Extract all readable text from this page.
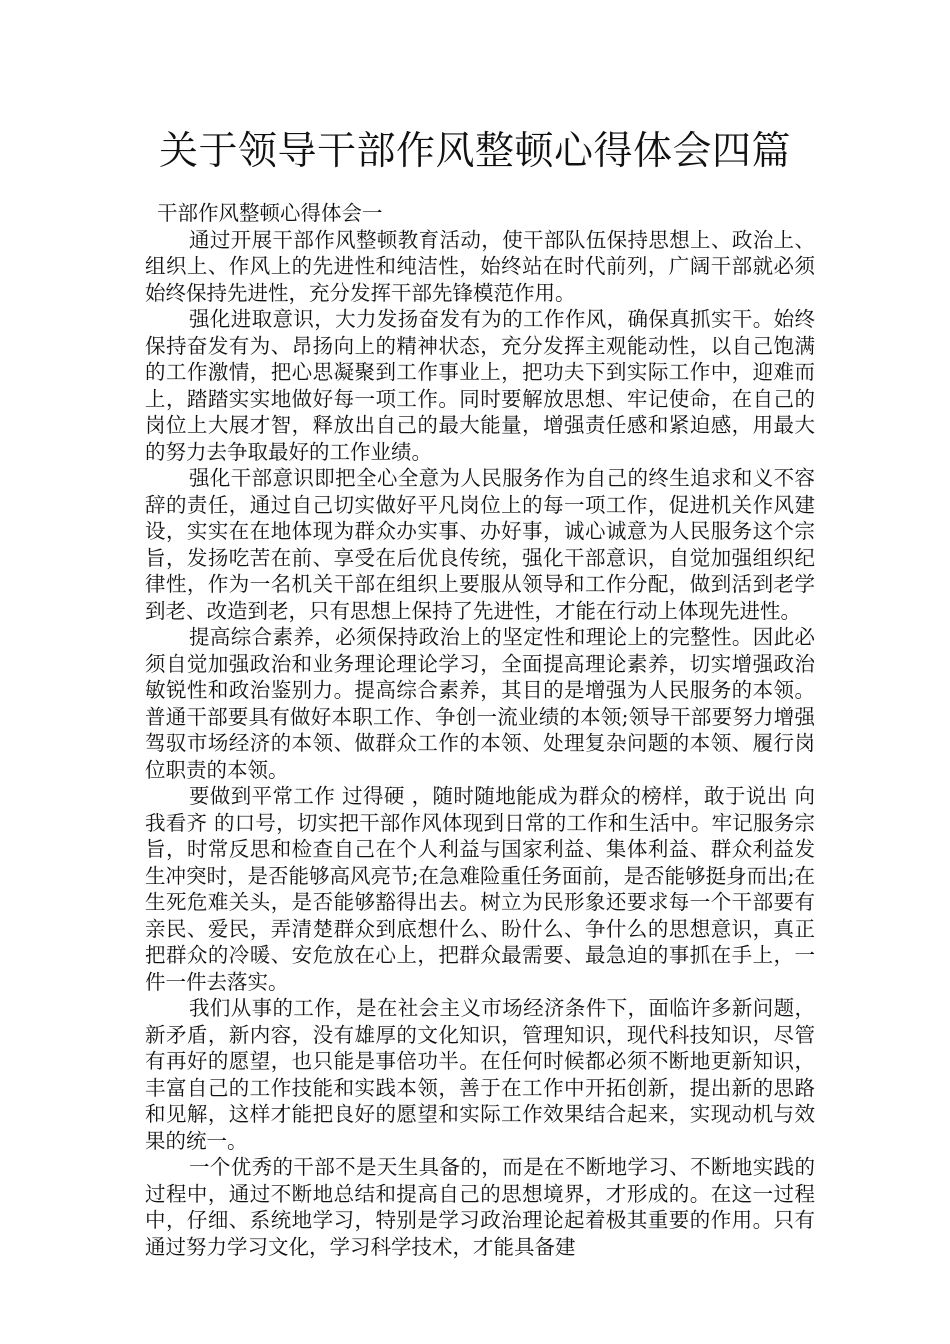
关于领导干部作风整顿心得体会四篇
干部作风整顿心得体会一

通过开展干部作风整顿教育活动，使干部队伍保持思想上、政治上、组织上、作风上的先进性和纯洁性，始终站在时代前列，广阔干部就必须始终保持先进性，充分发挥干部先锋模范作用。

强化进取意识，大力发扬奋发有为的工作作风，确保真抓实干。始终保持奋发有为、昂扬向上的精神状态，充分发挥主观能动性，以自己饱满的工作激情，把心思凝聚到工作事业上，把功夫下到实际工作中，迎难而上，踏踏实实地做好每一项工作。同时要解放思想、牢记使命，在自己的岗位上大展才智，释放出自己的最大能量，增强责任感和紧迫感，用最大的努力去争取最好的工作业绩。

强化干部意识即把全心全意为人民服务作为自己的终生追求和义不容辞的责任，通过自己切实做好平凡岗位上的每一项工作，促进机关作风建设，实实在在地体现为群众办实事、办好事，诚心诚意为人民服务这个宗旨，发扬吃苦在前、享受在后优良传统，强化干部意识，自觉加强组织纪律性，作为一名机关干部在组织上要服从领导和工作分配，做到活到老学到老、改造到老，只有思想上保持了先进性，才能在行动上体现先进性。

提高综合素养，必须保持政治上的坚定性和理论上的完整性。因此必须自觉加强政治和业务理论理论学习，全面提高理论素养，切实增强政治敏锐性和政治鉴别力。提高综合素养，其目的是增强为人民服务的本领。普通干部要具有做好本职工作、争创一流业绩的本领;领导干部要努力增强驾驭市场经济的本领、做群众工作的本领、处理复杂问题的本领、履行岗位职责的本领。

要做到平常工作 过得硬 ，随时随地能成为群众的榜样，敢于说出 向我看齐 的口号，切实把干部作风体现到日常的工作和生活中。牢记服务宗旨，时常反思和检查自己在个人利益与国家利益、集体利益、群众利益发生冲突时，是否能够高风亮节;在急难险重任务面前，是否能够挺身而出;在生死危难关头，是否能够豁得出去。树立为民形象还要求每一个干部要有亲民、爱民，弄清楚群众到底想什么、盼什么、争什么的思想意识，真正把群众的冷暖、安危放在心上，把群众最需要、最急迫的事抓在手上，一件一件去落实。

我们从事的工作，是在社会主义市场经济条件下，面临许多新问题，新矛盾，新内容，没有雄厚的文化知识，管理知识，现代科技知识，尽管有再好的愿望，也只能是事倍功半。在任何时候都必须不断地更新知识，丰富自己的工作技能和实践本领，善于在工作中开拓创新，提出新的思路和见解，这样才能把良好的愿望和实际工作效果结合起来，实现动机与效果的统一。

一个优秀的干部不是天生具备的，而是在不断地学习、不断地实践的过程中，通过不断地总结和提高自己的思想境界，才形成的。在这一过程中，仔细、系统地学习，特别是学习政治理论起着极其重要的作用。只有通过努力学习文化，学习科学技术，才能具备建
